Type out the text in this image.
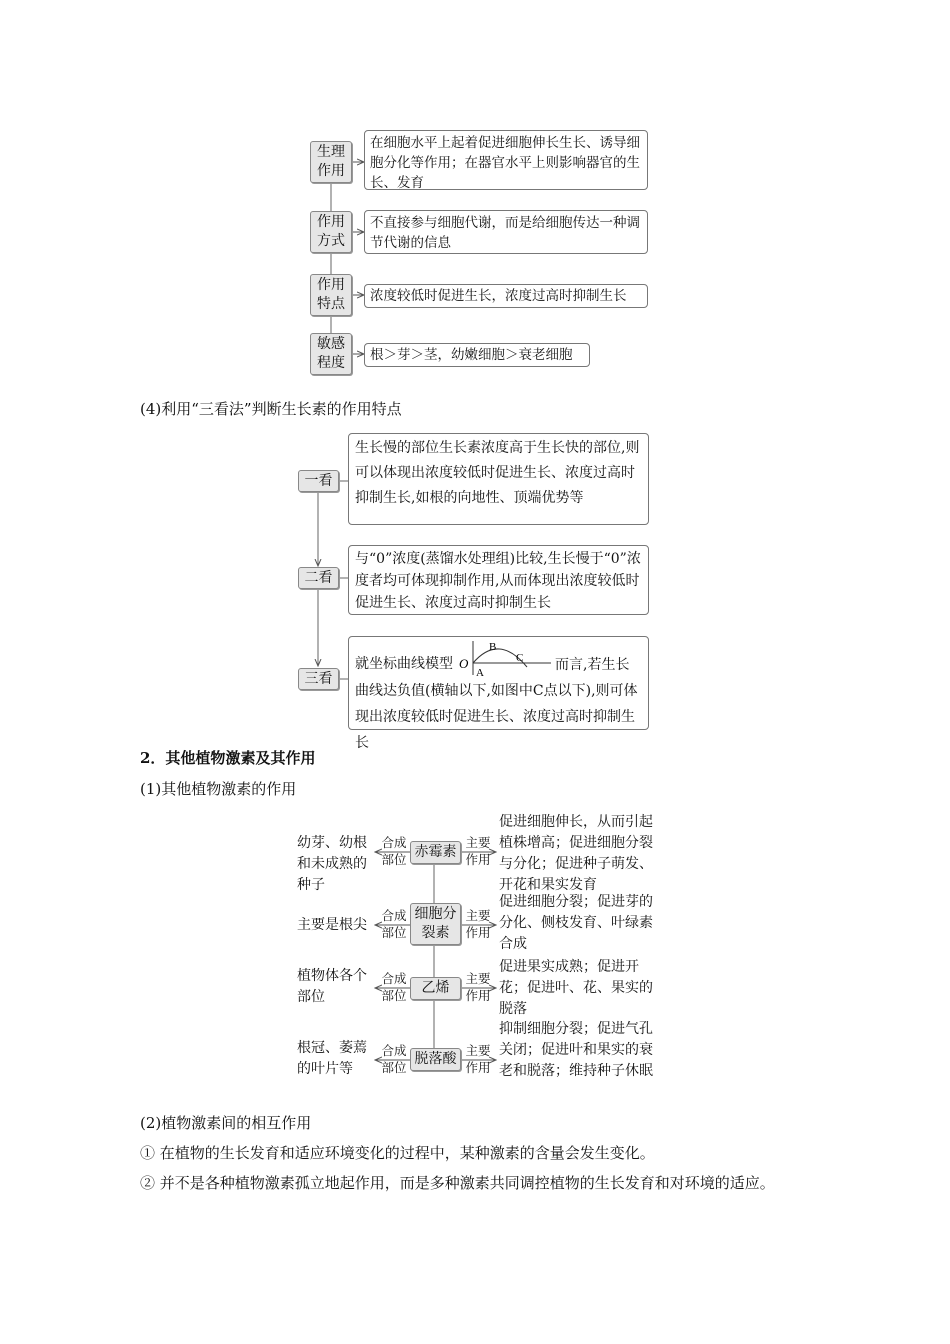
生理
作用
在细胞水平上起着促进细胞伸长生长、诱导细胞分化等作用；在器官水平上则影响器官的生长、发育
作用
方式
不直接参与细胞代谢，而是给细胞传达一种调节代谢的信息
作用
特点	浓度较低时促进生长，浓度过高时抑制生长
敏感
程度	根＞芽＞茎，幼嫩细胞＞衰老细胞
(4)利用“三看法”判断生长素的作用特点
一看
生长慢的部位生长素浓度高于生长快的部位,则可以体现出浓度较低时促进生长、浓度过高时抑制生长,如根的向地性、顶端优势等
二看
与“0”浓度(蒸馏水处理组)比较,生长慢于“0”浓度者均可体现抑制作用,从而体现出浓度较低时促进生长、浓度过高时抑制生长
三看
就坐标曲线模型 O
A
B
C	而言,若生长曲线达负值(横轴以下,如图中C点以下),则可体现出浓度较低时促进生长、浓度过高时抑制生长
2．其他植物激素及其作用
(1)其他植物激素的作用
幼芽、幼根和未成熟的种子
合成
部位 赤霉素
主要
作用
促进细胞伸长，从而引起植株增高；促进细胞分裂与分化；促进种子萌发、开花和果实发育
主要是根尖
合成
部位
细胞分裂素
主要
作用
促进细胞分裂；促进芽的分化、侧枝发育、叶绿素合成
植物体各个部位
合成
部位	乙烯
主要
作用
促进果实成熟；促进开花；促进叶、花、果实的脱落
根冠、萎蔫的叶片等
合成
部位
脱落酸
主要
作用
抑制细胞分裂；促进气孔关闭；促进叶和果实的衰老和脱落；维持种子休眠
(2)植物激素间的相互作用
① 在植物的生长发育和适应环境变化的过程中，某种激素的含量会发生变化。
② 并不是各种植物激素孤立地起作用，而是多种激素共同调控植物的生长发育和对环境的适应。
